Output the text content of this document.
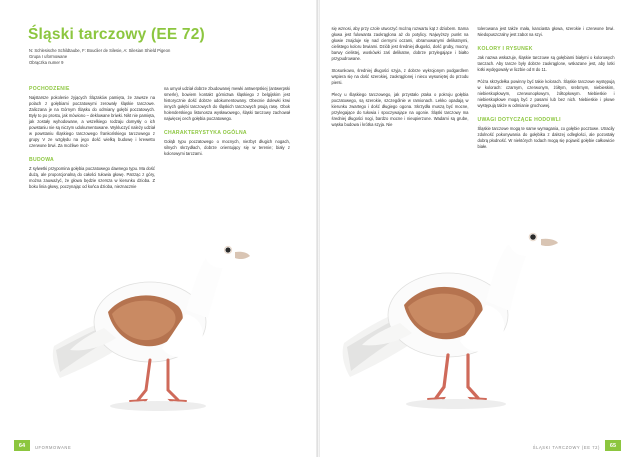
Śląski tarczowy (EE 72)
N: Schlesische Schildtaube, F: Bouclier de Silesie, A: Silesian Shield Pigeon
Grupa I uformowane
Obrączka numer 9
POCHODZENIE

Najstarsze pokolenie żyjących Ślązaków pamięta, że zawsze na polach z gołębiami poczatowymi zerowały śląskie tarczowe. Zaliczana je na Górnym Śląsku do odmiany gołębi poczatowych. Były to po prostu, jak mówiono – deklowane briwki. Nikt nie pamięta, jak zostały wyhodowane, a wszelkiego rodzaju domysły o ich powstaniu nie są niczym udokumentowane. Wykluczyć należy udział w powstaniu śląskiego tarczowego frankońskiego tarczowego z grupy V ze względu na jego dość wielką budowę i krewetto czerwone brwi. Za możliwe moż-

BUDOWA

Z sylwetki przypomina gołębia poczatowego dawnego typu. Ma dość dużą, ale proporcjonalną do całości tułowia głowę. Patrząc z góry, można zauważyć, że głowa będzie szersza w kierunku dzioba. Z boku linia głowy, poczynając od końca dzioba, nieznacznie

na umyoł udział dobrze zbudowanej mewki antwerpskiej (antwerpski smerle), bowiem kontakt górnictwa śląskiego z belgijskim jest historycznie dość dobrze udokumentowany. Obecnie dolewki krwi innych gołębi tarczowych do śląskich tarczowych psują rasę. Obok holenderskiego listonosza wysławowego, śląski tarczowy zachował najwięcej cech gołębia poczatowego.

CHARAKTERYSTYKA OGÓLNA

Gołąb typu poczatowego o mocnych, niezbyt długich nogach, silnych skrzydłach, dobrze orientujący się w terenie; biały z kolorowymi tarczami.

64	UFORMOWANE

się wznosi, aby przy czole utworzyć możną rozwartu kąt z dziobem. Sama głowa jest fulowanta zaokrąglona aż do potylicy. Najwyższy punkt na głowie znajduje się nad ciernymi oczami, obramowanymi delikatnymi, cielistego koloru brwiami. Dziób jest średniej długości, dość gruby, mocny, barwy cielistej, woskówki zaś delikatne, dobrze przylegające i białto przypudrowane.

Stosunkowo, średniej długości szyja, z dobrze wykrojonym podgardlem wspiera się na dość szerokiej, zaokrąglonej i nieco wysuniętej do przodu piersi.

Plecy u śląskiego tarczowego, jak przystało ptaka o pokroju gołębia poczatowego, są szerokie, szczególnie w ramionach. Lekko opadają w kierunku zwartego i dość długiego ogona. Skrzydła muszą być mocne, przylegające do tułowia i spoczywające na ogonie. Śląski tarczowy ma średniej długości nogi, bardzo mocne i nieupierzone. Wadami są grube, wąska budowa i krótka szyja. Nie

tolerowana jest także mała, kanciasta głowa, szerokie i czerwone brwi. Niedopuszczalny jest zabot na szyi.

KOLORY I RYSUNEK

Jak nazwa wskazuje, śląskie tarczowe są gołębiami białymi o kolorowych tarczach. Aby tarcze były dobrze zaokrąglone, wskazane jest, aby lotki łotki wydęgowały w liczbie od 8 do 11.

Póżra skrzydełka powinny być takie kolorach. Śląskie tarczowe występują w kolorach: czarnym, czerwonym, żółtym, srebrnym, niebieskim, niebieskopłowym, czerwonopłowym, żółtopłowym. Niebieskie i niebieskopłowe mogą być z pasami lub bez nich. Niebieskie i płowe występują także w odmianie grochowej.

UWAGI DOTYCZĄCE HODOWLI

Śląskie tarczowe mogą te same wymagania, co gołębie pocztowe. Utracily zdolność pokonywania do gołębika z dalszej odległości, ale pozostały dobrą płodność. W niektórych rodach mogą się pojawić gołębie całkowicie białe.

65
ŚLĄSKI TARCZOWY (EE 72)
